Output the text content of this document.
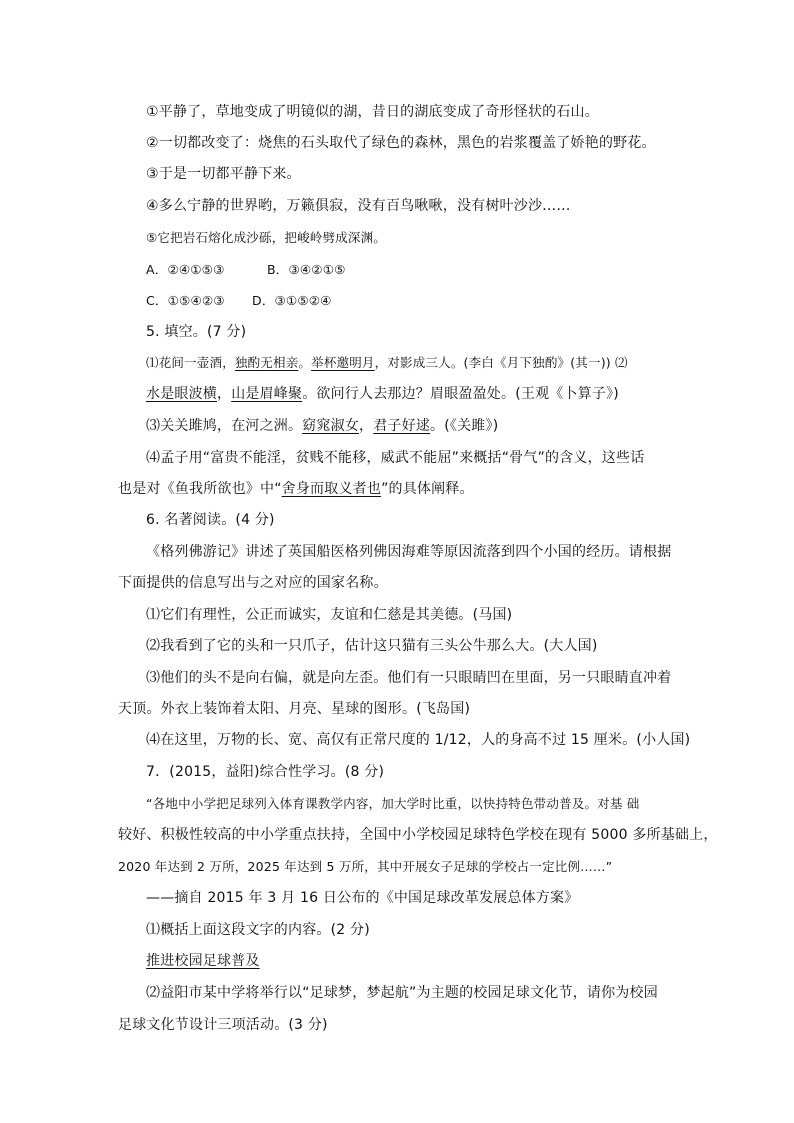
①平静了，草地变成了明镜似的湖，昔日的湖底变成了奇形怪状的石山。
②一切都改变了：烧焦的石头取代了绿色的森林，黑色的岩浆覆盖了娇艳的野花。
③于是一切都平静下来。
④多么宁静的世界哟，万籁俱寂，没有百鸟啾啾，没有树叶沙沙……
⑤它把岩石熔化成沙砾，把峻岭劈成深渊。
A．②④①⑤③	B．③④②①⑤
C．①⑤④②③ D．③①⑤②④
5. 填空。(7 分)
⑴花间一壶酒，独酌无相亲。举杯邀明月，对影成三人。(李白《月下独酌》(其一)) ⑵
水是眼波横，山是眉峰聚。欲问行人去那边？眉眼盈盈处。(王观《卜算子》)
⑶关关雎鸠，在河之洲。窈窕淑女，君子好逑。(《关雎》)
⑷孟子用“富贵不能淫，贫贱不能移，威武不能屈”来概括“骨气”的含义，这些话
也是对《鱼我所欲也》中“舍身而取义者也”的具体阐释。
6. 名著阅读。(4 分)
《格列佛游记》讲述了英国船医格列佛因海难等原因流落到四个小国的经历。请根据
下面提供的信息写出与之对应的国家名称。
⑴它们有理性，公正而诚实，友谊和仁慈是其美德。(马国)
⑵我看到了它的头和一只爪子，估计这只猫有三头公牛那么大。(大人国)
⑶他们的头不是向右偏，就是向左歪。他们有一只眼睛凹在里面，另一只眼睛直冲着
天顶。外衣上装饰着太阳、月亮、星球的图形。(飞岛国)
⑷在这里，万物的长、宽、高仅有正常尺度的 1/12，人的身高不过 15 厘米。(小人国)
7．(2015，益阳)综合性学习。(8 分)
“各地中小学把足球列入体育课教学内容，加大学时比重，以快持特色带动普及。对基 础
较好、积极性较高的中小学重点扶持，全国中小学校园足球特色学校在现有 5000 多所基础上，
2020 年达到 2 万所，2025 年达到 5 万所，其中开展女子足球的学校占一定比例……”
——摘自 2015 年 3 月 16 日公布的《中国足球改革发展总体方案》
⑴概括上面这段文字的内容。(2 分)
推进校园足球普及
⑵益阳市某中学将举行以“足球梦，梦起航”为主题的校园足球文化节，请你为校园
足球文化节设计三项活动。(3 分)
